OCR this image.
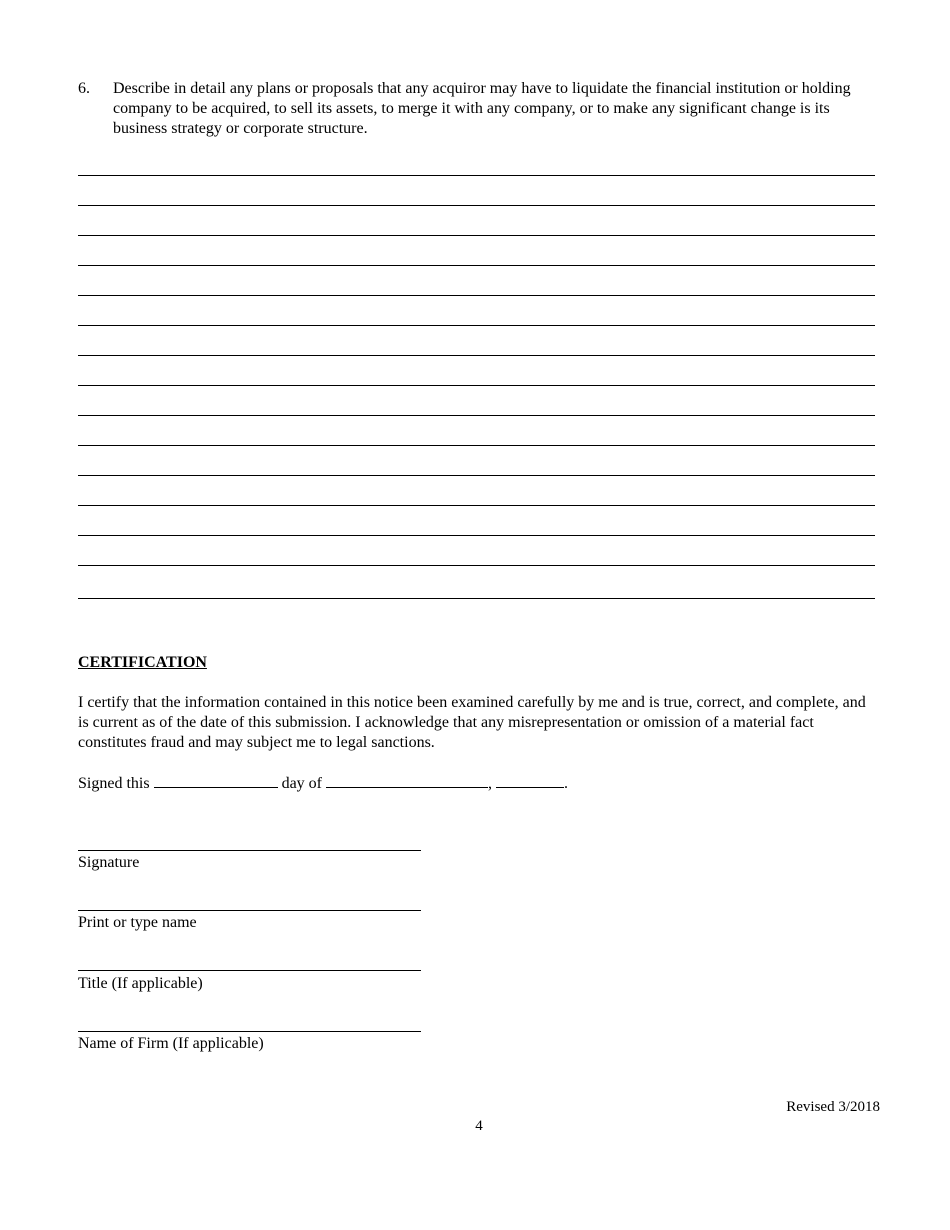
6. Describe in detail any plans or proposals that any acquiror may have to liquidate the financial institution or holding company to be acquired, to sell its assets, to merge it with any company, or to make any significant change is its business strategy or corporate structure.
CERTIFICATION
I certify that the information contained in this notice been examined carefully by me and is true, correct, and complete, and is current as of the date of this submission. I acknowledge that any misrepresentation or omission of a material fact constitutes fraud and may subject me to legal sanctions.
Signed this	day of	,	.
Signature
Print or type name
Title (If applicable)
Name of Firm (If applicable)
Revised 3/2018
4
